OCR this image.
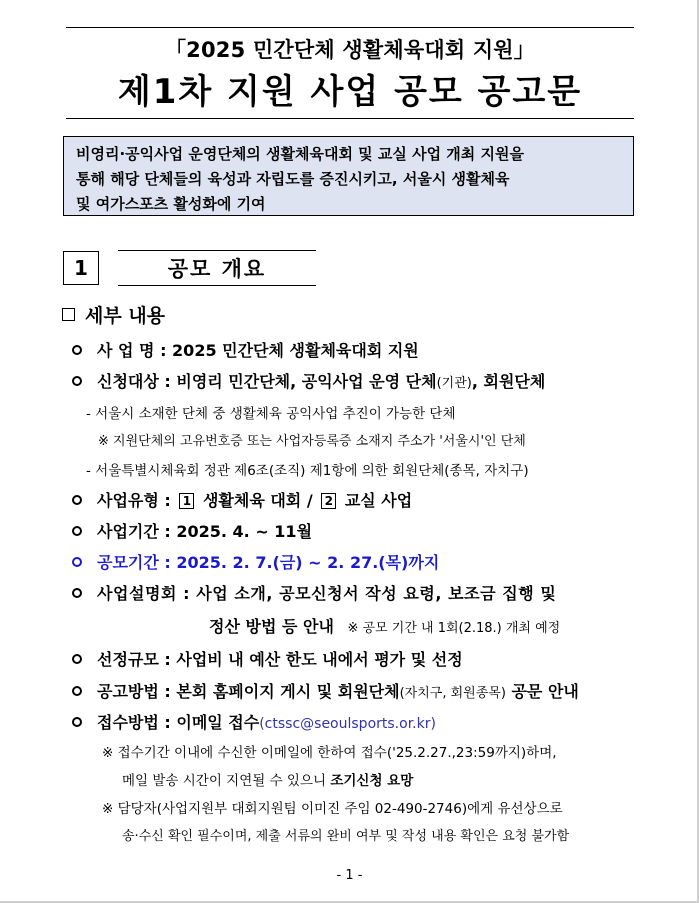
「2025 민간단체 생활체육대회 지원」
제1차 지원 사업 공모 공고문
비영리·공익사업 운영단체의 생활체육대회 및 교실 사업 개최 지원을
통해 해당 단체들의 육성과 자립도를 증진시키고, 서울시 생활체육
및 여가스포츠 활성화에 기여
1	공모 개요
세부 내용
사 업 명 : 2025 민간단체 생활체육대회 지원
신청대상 : 비영리 민간단체, 공익사업 운영 단체(기관), 회원단체
- 서울시 소재한 단체 중 생활체육 공익사업 추진이 가능한 단체
※ 지원단체의 고유번호증 또는 사업자등록증 소재지 주소가 '서울시'인 단체
- 서울특별시체육회 정관 제6조(조직) 제1항에 의한 회원단체(종목, 자치구)
사업유형 : 1 생활체육 대회 / 2 교실 사업
사업기간 : 2025. 4. ~ 11월
공모기간 : 2025. 2. 7.(금) ~ 2. 27.(목)까지
사업설명회 : 사업 소개, 공모신청서 작성 요령, 보조금 집행 및
정산 방법 등 안내 ※ 공모 기간 내 1회(2.18.) 개최 예정
선정규모 : 사업비 내 예산 한도 내에서 평가 및 선정
공고방법 : 본회 홈페이지 게시 및 회원단체(자치구, 회원종목) 공문 안내
접수방법 : 이메일 접수(ctssc@seoulsports.or.kr)
※ 접수기간 이내에 수신한 이메일에 한하여 접수('25.2.27.,23:59까지)하며,
메일 발송 시간이 지연될 수 있으니 조기신청 요망
※ 담당자(사업지원부 대회지원팀 이미진 주임 02-490-2746)에게 유선상으로
송·수신 확인 필수이며, 제출 서류의 완비 여부 및 작성 내용 확인은 요청 불가함
- 1 -
